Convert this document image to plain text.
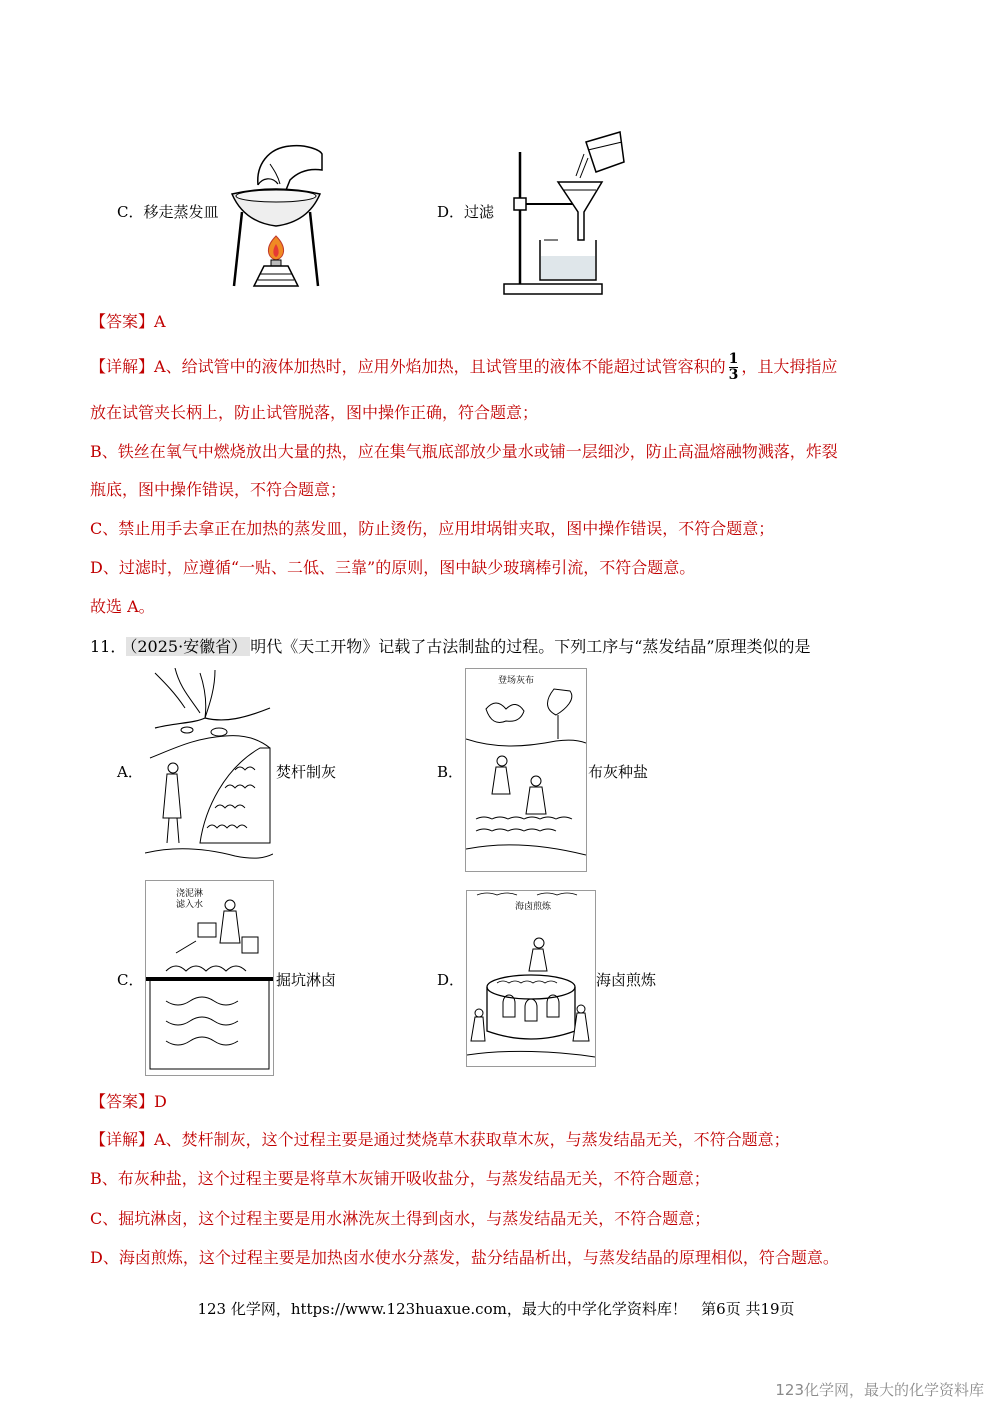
C．移走蒸发皿	D．过滤
【答案】A
【详解】A、给试管中的液体加热时，应用外焰加热，且试管里的液体不能超过试管容积的 $\frac{1}{3}$ ，且大拇指应
放在试管夹长柄上，防止试管脱落，图中操作正确，符合题意；
B、铁丝在氧气中燃烧放出大量的热，应在集气瓶底部放少量水或铺一层细沙，防止高温熔融物溅落，炸裂
瓶底，图中操作错误，不符合题意；
C、禁止用手去拿正在加热的蒸发皿，防止烫伤，应用坩埚钳夹取，图中操作错误，不符合题意；
D、过滤时，应遵循“一贴、二低、三靠”的原则，图中缺少玻璃棒引流，不符合题意。
故选 A。
11． （2025·安徽省） 明代《天工开物》记载了古法制盐的过程。下列工序与“蒸发结晶”原理类似的是
A．	焚杆制灰	B．
登场灰布
布灰种盐
C．
浇泥淋滤入水
掘坑淋卤	D．
海卤煎炼
海卤煎炼
【答案】D
【详解】A、焚杆制灰，这个过程主要是通过焚烧草木获取草木灰，与蒸发结晶无关，不符合题意；
B、布灰种盐，这个过程主要是将草木灰铺开吸收盐分，与蒸发结晶无关，不符合题意；
C、掘坑淋卤，这个过程主要是用水淋洗灰土得到卤水，与蒸发结晶无关，不符合题意；
D、海卤煎炼，这个过程主要是加热卤水使水分蒸发，盐分结晶析出，与蒸发结晶的原理相似，符合题意。
123 化学网，https://www.123huaxue.com，最大的中学化学资料库！ 第6页 共19页
123化学网，最大的化学资料库
